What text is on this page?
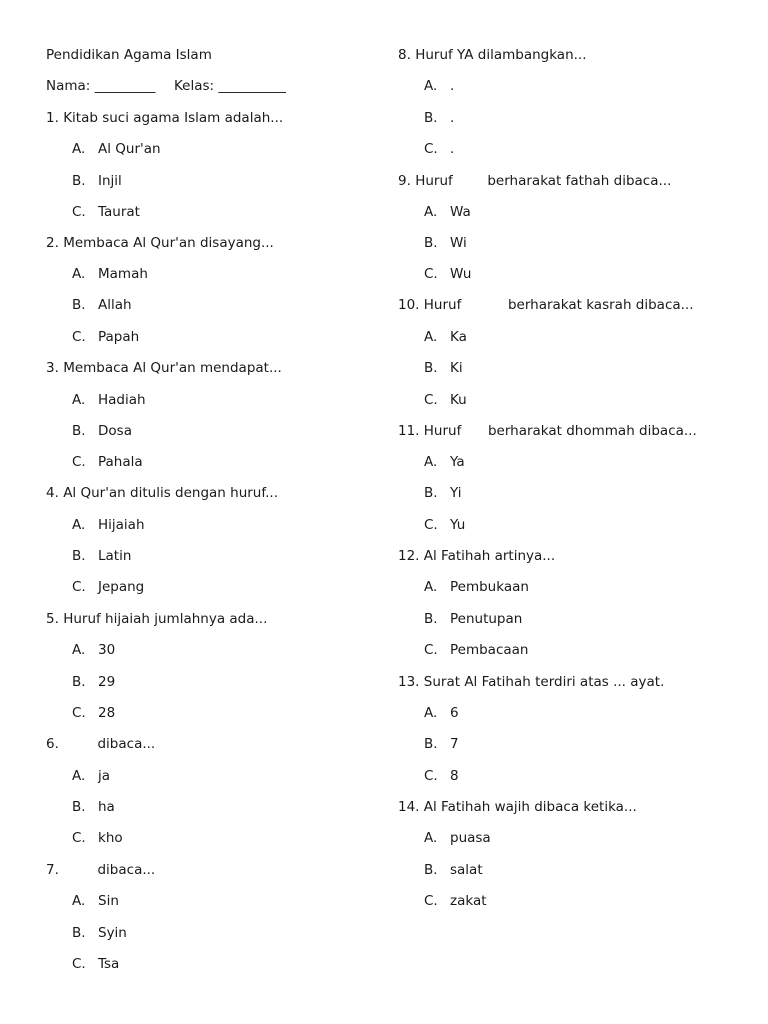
Pendidikan Agama Islam
Nama: _________ Kelas: __________
1. Kitab suci agama Islam adalah...
A. Al Qur'an
B. Injil
C. Taurat
2. Membaca Al Qur'an disayang...
A. Mamah
B. Allah
C. Papah
3. Membaca Al Qur'an mendapat...
A. Hadiah
B. Dosa
C. Pahala
4. Al Qur'an ditulis dengan huruf...
A. Hijaiah
B. Latin
C. Jepang
5. Huruf hijaiah jumlahnya ada...
A. 30
B. 29
C. 28
6.	dibaca...
A. ja
B. ha
C. kho
7.	dibaca...
A. Sin
B. Syin
C. Tsa
8. Huruf YA dilambangkan...
A. .
B. .
C. .
9. Huruf	berharakat fathah dibaca...
A. Wa
B. Wi
C. Wu
10. Huruf	berharakat kasrah dibaca...
A. Ka
B. Ki
C. Ku
11. Huruf berharakat dhommah dibaca...
A. Ya
B. Yi
C. Yu
12. Al Fatihah artinya...
A. Pembukaan
B. Penutupan
C. Pembacaan
13. Surat Al Fatihah terdiri atas ... ayat.
A. 6
B. 7
C. 8
14. Al Fatihah wajih dibaca ketika...
A. puasa
B. salat
C. zakat
